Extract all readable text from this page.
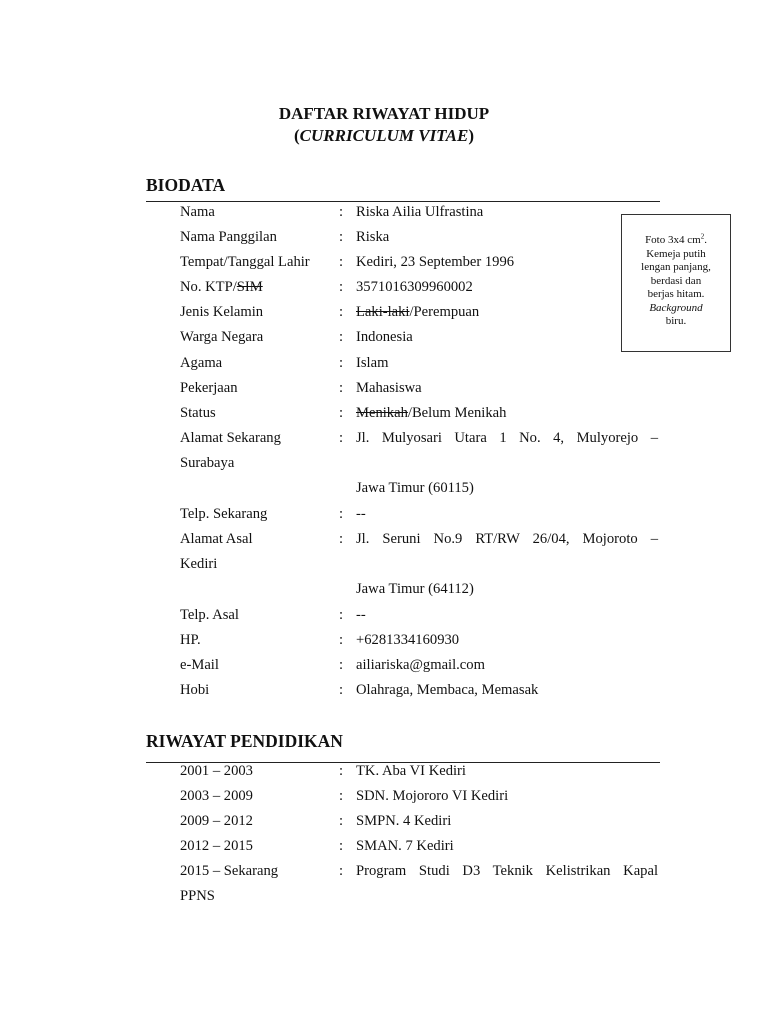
DAFTAR RIWAYAT HIDUP
(CURRICULUM VITAE)
BIODATA
Foto 3x4 $cm^2$.
Kemeja putih
lengan panjang,
berdasi dan
berjas hitam.
Background
biru.
Nama	: Riska Ailia Ulfrastina
Nama Panggilan	: Riska
Tempat/Tanggal Lahir : Kediri, 23 September 1996
No. KTP/SIM	: 3571016309960002
Jenis Kelamin	: Laki-laki/Perempuan
Warga Negara	: Indonesia
Agama	: Islam
Pekerjaan	: Mahasiswa
Status	: Menikah/Belum Menikah
Alamat Sekarang	: Jl. Mulyosari Utara 1 No. 4, Mulyorejo –
Surabaya
Jawa Timur (60115)
Telp. Sekarang	: --
Alamat Asal	: Jl. Seruni No.9 RT/RW 26/04, Mojoroto –
Kediri
Jawa Timur (64112)
Telp. Asal	: --
HP.	: +6281334160930
e-Mail	: ailiariska@gmail.com
Hobi	: Olahraga, Membaca, Memasak
RIWAYAT PENDIDIKAN
2001 – 2003	: TK. Aba VI Kediri
2003 – 2009	: SDN. Mojororo VI Kediri
2009 – 2012	: SMPN. 4 Kediri
2012 – 2015	: SMAN. 7 Kediri
2015 – Sekarang	: Program Studi D3 Teknik Kelistrikan Kapal
PPNS
